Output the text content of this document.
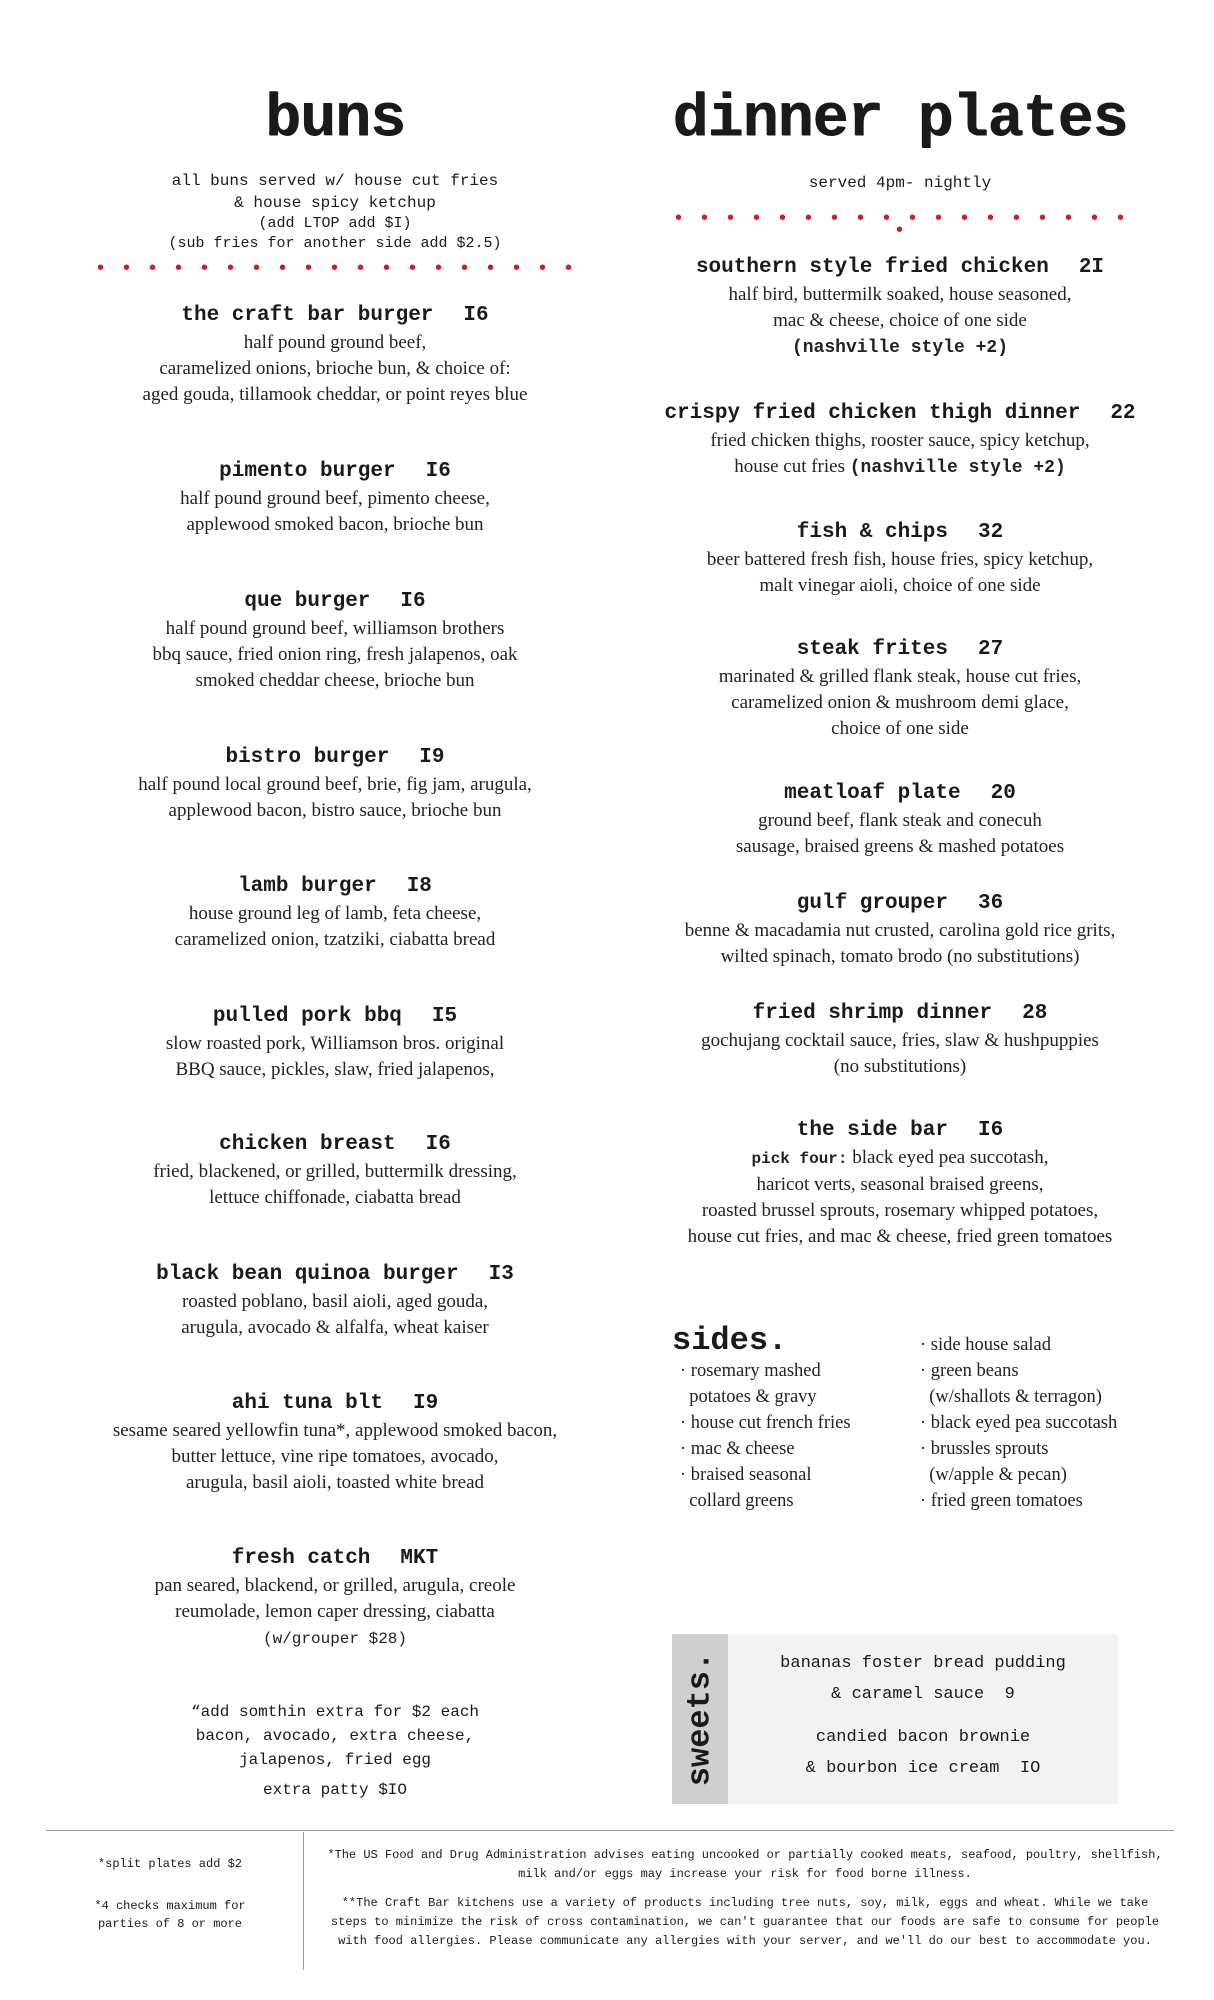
buns
all buns served w/ house cut fries
& house spicy ketchup
(add LTOP add $I)
(sub fries for another side add $2.5)
• • • • • • • • • • • • • • • • • • •
the craft bar burger I6
half pound ground beef,
caramelized onions, brioche bun, & choice of:
aged gouda, tillamook cheddar, or point reyes blue
pimento burger I6
half pound ground beef, pimento cheese,
applewood smoked bacon, brioche bun
que burger I6
half pound ground beef, williamson brothers
bbq sauce, fried onion ring, fresh jalapenos, oak
smoked cheddar cheese, brioche bun
bistro burger I9
half pound local ground beef, brie, fig jam, arugula,
applewood bacon, bistro sauce, brioche bun
lamb burger I8
house ground leg of lamb, feta cheese,
caramelized onion, tzatziki, ciabatta bread
pulled pork bbq I5
slow roasted pork, Williamson bros. original
BBQ sauce, pickles, slaw, fried jalapenos,
chicken breast I6
fried, blackened, or grilled, buttermilk dressing,
lettuce chiffonade, ciabatta bread
black bean quinoa burger I3
roasted poblano, basil aioli, aged gouda,
arugula, avocado & alfalfa, wheat kaiser
ahi tuna blt I9
sesame seared yellowfin tuna*, applewood smoked bacon,
butter lettuce, vine ripe tomatoes, avocado,
arugula, basil aioli, toasted white bread
fresh catch MKT
pan seared, blackend, or grilled, arugula, creole
reumolade, lemon caper dressing, ciabatta
(w/grouper $28)
“add somthin extra for $2 each
bacon, avocado, extra cheese,
jalapenos, fried egg
extra patty $IO
dinner plates
served 4pm- nightly
• • • • • • • • • • • • • • • • • • •
southern style fried chicken 2I
half bird, buttermilk soaked, house seasoned,
mac & cheese, choice of one side
(nashville style +2)
crispy fried chicken thigh dinner 22
fried chicken thighs, rooster sauce, spicy ketchup,
house cut fries (nashville style +2)
fish & chips 32
beer battered fresh fish, house fries, spicy ketchup,
malt vinegar aioli, choice of one side
steak frites 27
marinated & grilled flank steak, house cut fries,
caramelized onion & mushroom demi glace,
choice of one side
meatloaf plate 20
ground beef, flank steak and conecuh
sausage, braised greens & mashed potatoes
gulf grouper 36
benne & macadamia nut crusted, carolina gold rice grits,
wilted spinach, tomato brodo (no substitutions)
fried shrimp dinner 28
gochujang cocktail sauce, fries, slaw & hushpuppies
(no substitutions)
the side bar I6
pick four: black eyed pea succotash,
haricot verts, seasonal braised greens,
roasted brussel sprouts, rosemary whipped potatoes,
house cut fries, and mac & cheese, fried green tomatoes
sides.
· rosemary mashed
potatoes & gravy
· house cut french fries
· mac & cheese
· braised seasonal
collard greens
· side house salad
· green beans
(w/shallots & terragon)
· black eyed pea succotash
· brussles sprouts
(w/apple & pecan)
· fried green tomatoes
sweets.	bananas foster bread pudding
& caramel sauce  9
candied bacon brownie
& bourbon ice cream  IO
*split plates add $2
*4 checks maximum for
parties of 8 or more

*The US Food and Drug Administration advises eating uncooked or partially cooked meats, seafood, poultry, shellfish, milk and/or eggs may increase your risk for food borne illness.

**The Craft Bar kitchens use a variety of products including tree nuts, soy, milk, eggs and wheat. While we take steps to minimize the risk of cross contamination, we can't guarantee that our foods are safe to consume for people with food allergies. Please communicate any allergies with your server, and we'll do our best to accommodate you.
